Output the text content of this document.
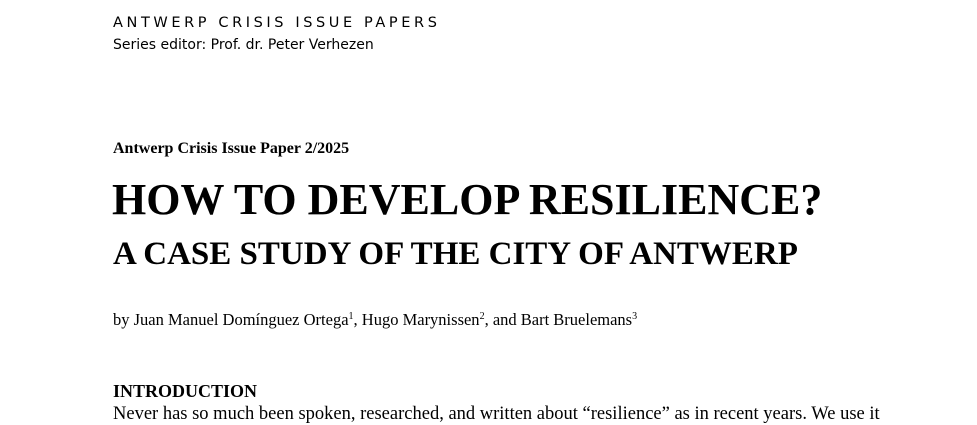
ANTWERP CRISIS ISSUE PAPERS
Series editor: Prof. dr. Peter Verhezen
Antwerp Crisis Issue Paper 2/2025
HOW TO DEVELOP RESILIENCE?
A CASE STUDY OF THE CITY OF ANTWERP
by Juan Manuel Domínguez Ortega$^1$, Hugo Marynissen$^2$, and Bart Bruelemans$^3$
INTRODUCTION
Never has so much been spoken, researched, and written about “resilience” as in recent years. We use it
